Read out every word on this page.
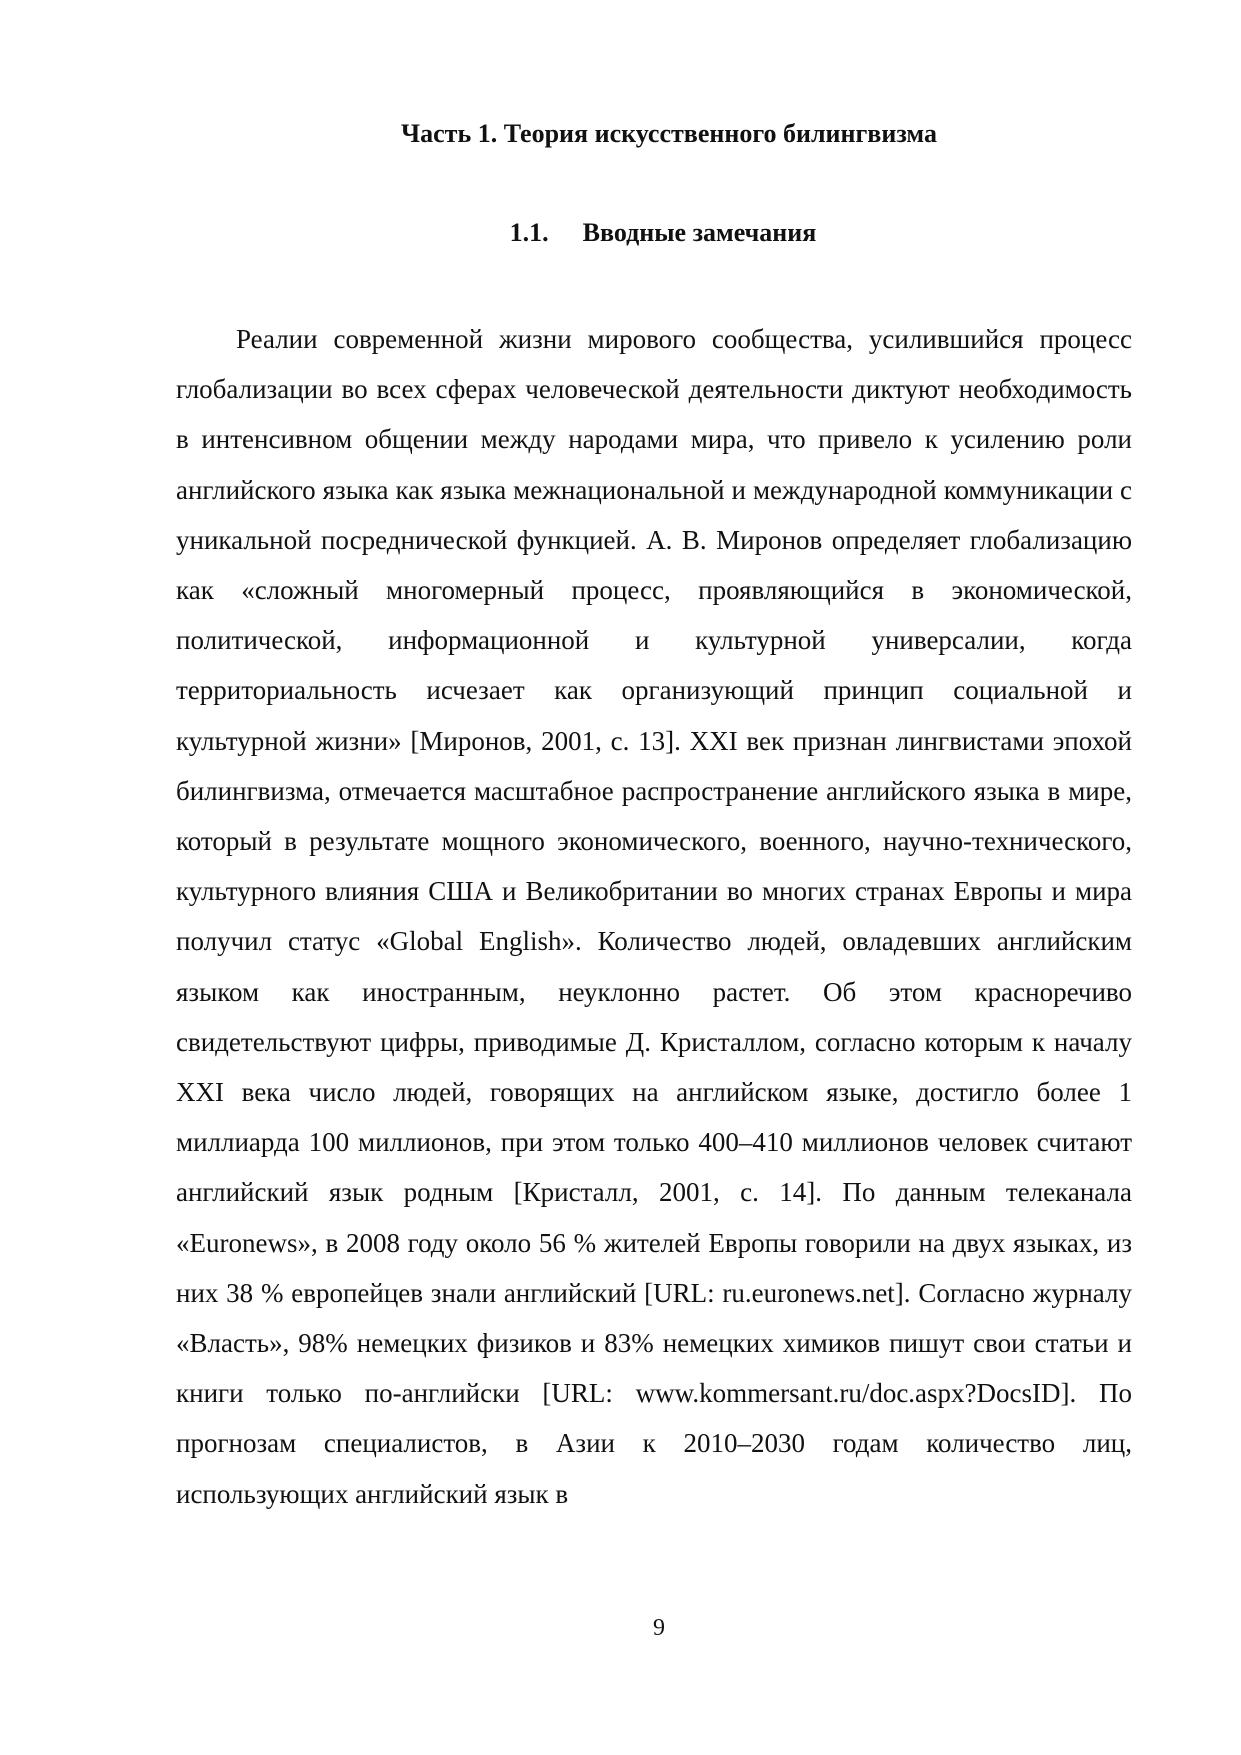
Часть 1. Теория искусственного билингвизма
1.1. Вводные замечания

Реалии современной жизни мирового сообщества, усилившийся процесс глобализации во всех сферах человеческой деятельности диктуют необходимость в интенсивном общении между народами мира, что привело к усилению роли английского языка как языка межнациональной и международной коммуникации с уникальной посреднической функцией. А. В. Миронов определяет глобализацию как «сложный многомерный процесс, проявляющийся в экономической, политической, информационной и культурной универсалии, когда территориальность исчезает как организующий принцип социальной и культурной жизни» [Миронов, 2001, с. 13]. XXI век признан лингвистами эпохой билингвизма, отмечается масштабное распространение английского языка в мире, который в результате мощного экономического, военного, научно-технического, культурного влияния США и Великобритании во многих странах Европы и мира получил статус «Global English». Количество людей, овладевших английским языком как иностранным, неуклонно растет. Об этом красноречиво свидетельствуют цифры, приводимые Д. Кристаллом, согласно которым к началу XXI века число людей, говорящих на английском языке, достигло более 1 миллиарда 100 миллионов, при этом только 400–410 миллионов человек считают английский язык родным [Кристалл, 2001, с. 14]. По данным телеканала «Euronews», в 2008 году около 56 % жителей Европы говорили на двух языках, из них 38 % европейцев знали английский [URL: ru.euronews.net]. Согласно журналу «Власть», 98% немецких физиков и 83% немецких химиков пишут свои статьи и книги только по-английски [URL: www.kommersant.ru/doc.aspx?DocsID]. По прогнозам специалистов, в Азии к 2010–2030 годам количество лиц, использующих английский язык в

9
